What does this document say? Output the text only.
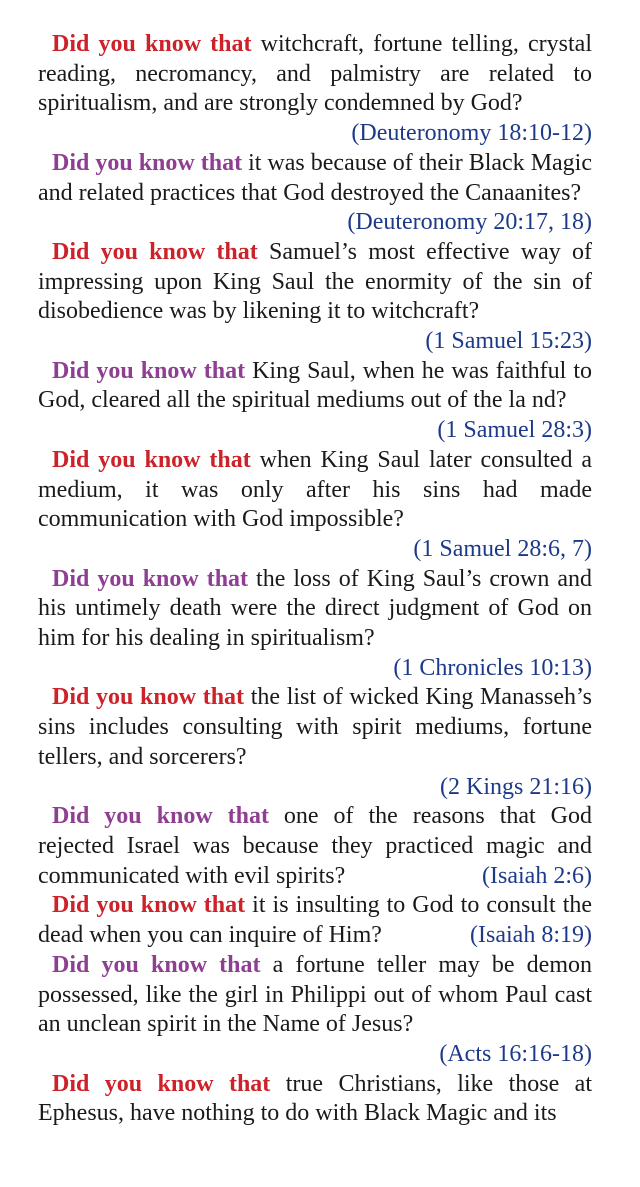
Did you know that witchcraft, fortune telling, crystal reading, necromancy, and palmistry are related to spiritualism, and are strongly condemned by God?
(Deuteronomy 18:10-12)

Did you know that it was because of their Black Magic and related practices that God destroyed the Canaanites?
(Deuteronomy 20:17, 18)

Did you know that Samuel’s most effective way of impressing upon King Saul the enormity of the sin of disobedience was by likening it to witchcraft?
(1 Samuel 15:23)

Did you know that King Saul, when he was faithful to God, cleared all the spiritual mediums out of the la nd?
(1 Samuel 28:3)

Did you know that when King Saul later consulted a medium, it was only after his sins had made communication with God impossible?
(1 Samuel 28:6, 7)

Did you know that the loss of King Saul’s crown and his untimely death were the direct judgment of God on him for his dealing in spiritualism?
(1 Chronicles 10:13)

Did you know that the list of wicked King Manasseh’s sins includes consulting with spirit mediums, fortune tellers, and sorcerers?
(2 Kings 21:16)

Did you know that one of the reasons that God rejected Israel was because they practiced magic and communicated with evil spirits?	(Isaiah 2:6)

Did you know that it is insulting to God to consult the dead when you can inquire of Him?	(Isaiah 8:19)

Did you know that a fortune teller may be demon possessed, like the girl in Philippi out of whom Paul cast an unclean spirit in the Name of Jesus?
(Acts 16:16-18)

Did you know that true Christians, like those at Ephesus, have nothing to do with Black Magic and its
